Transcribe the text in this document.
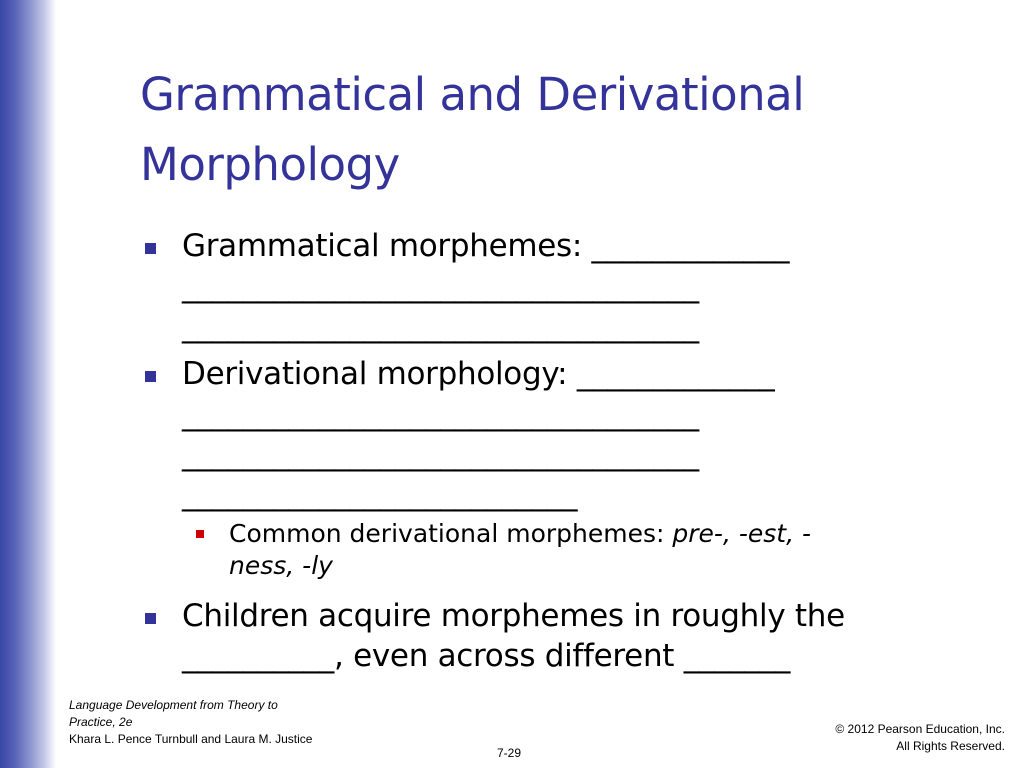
Grammatical and Derivational
Morphology
Grammatical morphemes: _____________
__________________________________
__________________________________
Derivational morphology: _____________
__________________________________
__________________________________
__________________________
Common derivational morphemes: pre-, -est, -
ness, -ly
Children acquire morphemes in roughly the
__________, even across different _______
Language Development from Theory to
Practice, 2e
Khara L. Pence Turnbull and Laura M. Justice
© 2012 Pearson Education, Inc.
All Rights Reserved.
7-29
